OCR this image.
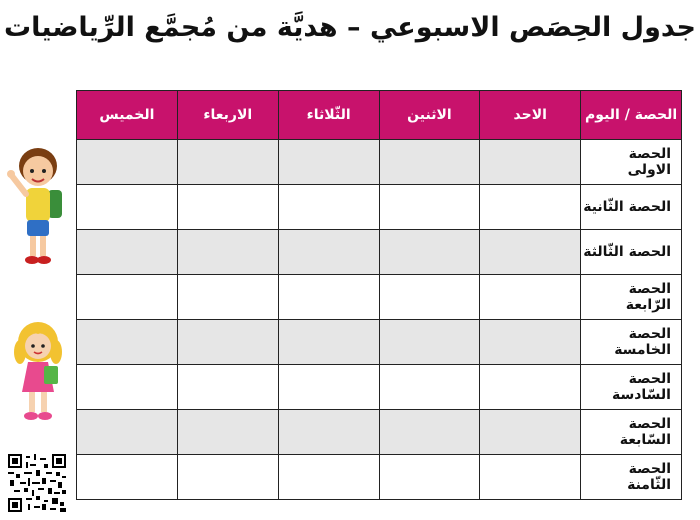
جدول الحِصَص الاسبوعي – هديَّة من مُجمَّع الرِّياضيات
الحصة / اليوم	الاحد	الاثنين	الثّلاثاء	الاربعاء	الخميس
الحصة الاولى					
الحصة الثّانية					
الحصة الثّالثة					
الحصة الرّابعة					
الحصة الخامسة					
الحصة السّادسة					
الحصة السّابعة					
الحصة الثّامنة					
